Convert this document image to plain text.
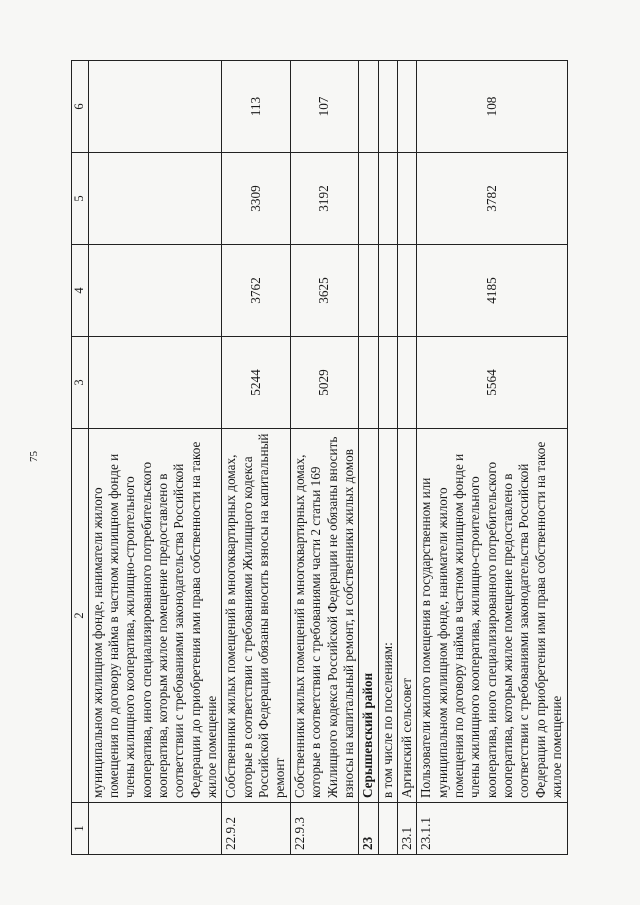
75
1	2	3	4	5	6
	муниципальном жилищном фонде, наниматели жилого помещения по договору найма в частном жилищном фонде и члены жилищного кооператива, жилищно-строительного кооператива, иного специализированного потребительского кооператива, которым жилое помещение предоставлено в соответствии с требованиями законодательства Российской Федерации до приобретения ими права собственности на такое жилое помещение				
22.9.2	Собственники жилых помещений в многоквартирных домах, которые в соответствии с требованиями Жилищного кодекса Российской Федерации обязаны вносить взносы на капитальный ремонт	5244	3762	3309	113
22.9.3	Собственники жилых помещений в многоквартирных домах, которые в соответствии с требованиями части 2 статьи 169 Жилищного кодекса Российской Федерации не обязаны вносить взносы на капитальный ремонт, и собственники жилых домов	5029	3625	3192	107
23	Серышевский район				
	в том числе по поселениям:				
23.1	Аргинский сельсовет				
23.1.1	Пользователи жилого помещения в государственном или муниципальном жилищном фонде, наниматели жилого помещения по договору найма в частном жилищном фонде и члены жилищного кооператива, жилищно-строительного кооператива, иного специализированного потребительского кооператива, которым жилое помещение предоставлено в соответствии с требованиями законодательства Российской Федерации до приобретения ими права собственности на такое жилое помещение	5564	4185	3782	108
